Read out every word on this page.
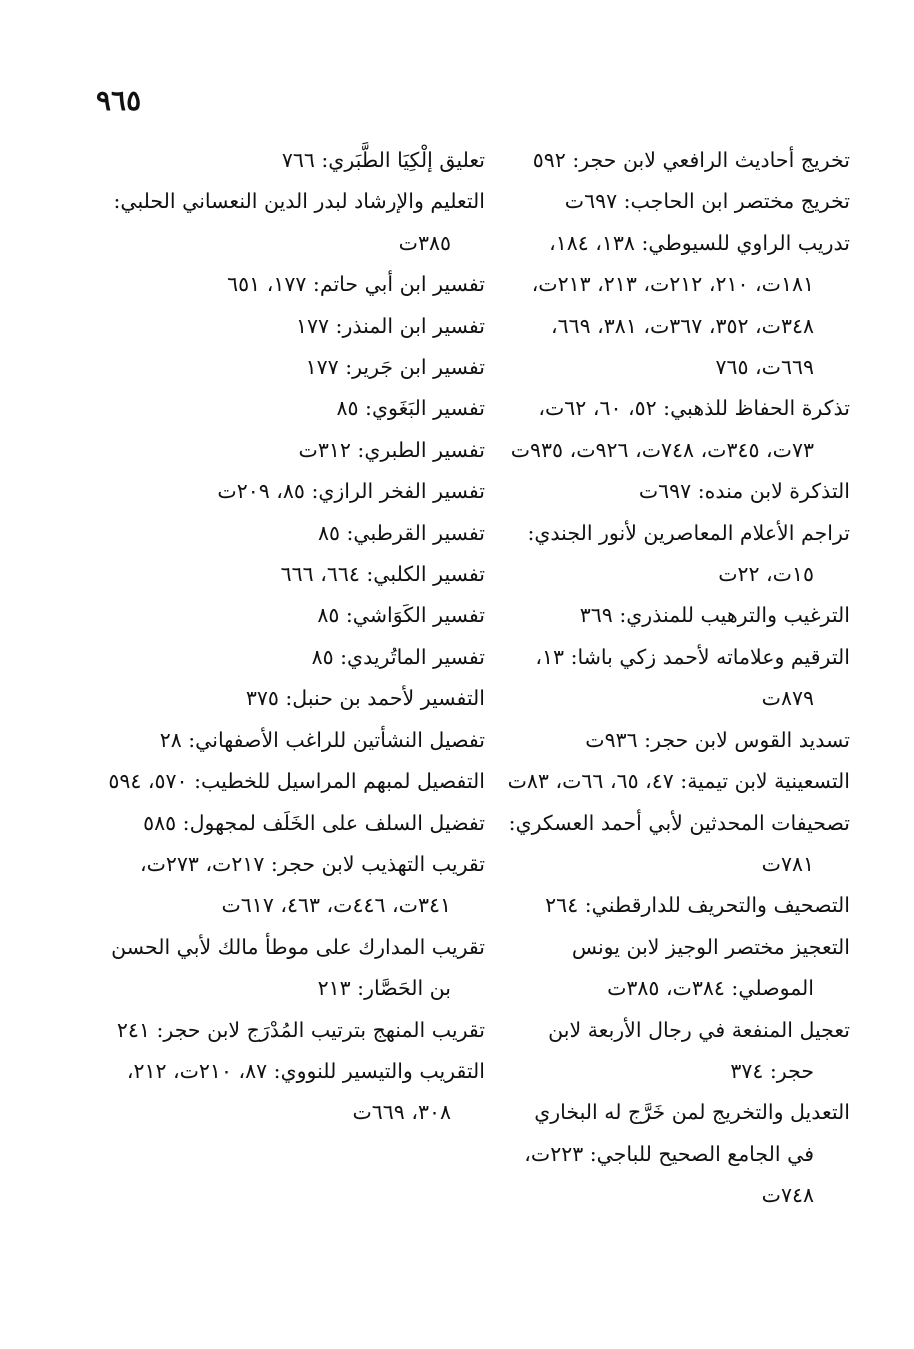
٩٦٥
تخريج أحاديث الرافعي لابن حجر: ٥٩٢
تخريج مختصر ابن الحاجب: ٦٩٧ت
تدريب الراوي للسيوطي: ١٣٨، ١٨٤، ١٨١ت، ٢١٠، ٢١٢ت، ٢١٣، ٢١٣ت، ٣٤٨ت، ٣٥٢، ٣٦٧ت، ٣٨١، ٦٦٩، ٦٦٩ت، ٧٦٥
تذكرة الحفاظ للذهبي: ٥٢، ٦٠، ٦٢ت، ٧٣ت، ٣٤٥ت، ٧٤٨ت، ٩٢٦ت، ٩٣٥ت
التذكرة لابن منده: ٦٩٧ت
تراجم الأعلام المعاصرين لأنور الجندي: ١٥ت، ٢٢ت
الترغيب والترهيب للمنذري: ٣٦٩
الترقيم وعلاماته لأحمد زكي باشا: ١٣، ٨٧٩ت
تسديد القوس لابن حجر: ٩٣٦ت
التسعينية لابن تيمية: ٤٧، ٦٥، ٦٦ت، ٨٣ت
تصحيفات المحدثين لأبي أحمد العسكري: ٧٨١ت
التصحيف والتحريف للدارقطني: ٢٦٤
التعجيز مختصر الوجيز لابن يونس الموصلي: ٣٨٤ت، ٣٨٥ت
تعجيل المنفعة في رجال الأربعة لابن حجر: ٣٧٤
التعديل والتخريج لمن خَرَّج له البخاري في الجامع الصحيح للباجي: ٢٢٣ت، ٧٤٨ت
تعليق إلْكِيَا الطَّبَري: ٧٦٦
التعليم والإرشاد لبدر الدين النعساني الحلبي: ٣٨٥ت
تفسير ابن أبي حاتم: ١٧٧، ٦٥١
تفسير ابن المنذر: ١٧٧
تفسير ابن جَرير: ١٧٧
تفسير البَغَوي: ٨٥
تفسير الطبري: ٣١٢ت
تفسير الفخر الرازي: ٨٥، ٢٠٩ت
تفسير القرطبي: ٨٥
تفسير الكلبي: ٦٦٤، ٦٦٦
تفسير الكَوَاشي: ٨٥
تفسير الماتُريدي: ٨٥
التفسير لأحمد بن حنبل: ٣٧٥
تفصيل النشأتين للراغب الأصفهاني: ٢٨
التفصيل لمبهم المراسيل للخطيب: ٥٧٠، ٥٩٤
تفضيل السلف على الخَلَف لمجهول: ٥٨٥
تقريب التهذيب لابن حجر: ٢١٧ت، ٢٧٣ت، ٣٤١ت، ٤٤٦ت، ٤٦٣، ٦١٧ت
تقريب المدارك على موطأ مالك لأبي الحسن بن الحَصَّار: ٢١٣
تقريب المنهج بترتيب المُدْرَج لابن حجر: ٢٤١
التقريب والتيسير للنووي: ٨٧، ٢١٠ت، ٢١٢، ٣٠٨، ٦٦٩ت
